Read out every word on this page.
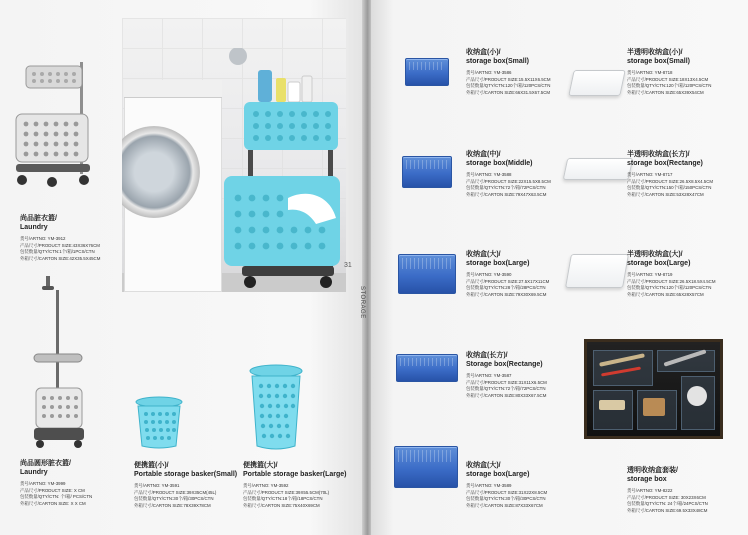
尚品脏衣篮/
Laundry
货号/ARTNO: YM-3912
产品尺寸/PRODUCT SIZE:43X36X76CM
包装数量/QTY/CTN:1个/箱/1PCS/CTN
外箱尺寸/CARTON SIZE:42X35.5X45CM
尚品圆形脏衣篮/
Laundry
货号/ARTNO: YM-3999
产品尺寸/PRODUCT SIZE: X CM
包装数量/QTY/CTN: 个/箱/ PCS/CTN
外箱尺寸/CARTON SIZE: X X CM
便携篮(小)/
Portable storage basker(Small)
货号/ARTNO: YM-3591
产品尺寸/PRODUCT SIZE:39X35CM(45L)
包装数量/QTY/CTN:30个/箱/30PCS/CTN
外箱尺寸/CARTON SIZE:78X39X78CM
便携篮(大)/
Portable storage basker(Large)
货号/ARTNO: YM-3592
产品尺寸/PRODUCT SIZE:39X55.5CM(70L)
包装数量/QTY/CTN:18个/箱/18PCS/CTN
外箱尺寸/CARTON SIZE:75X40X69CM
31
STORAGE
收纳盒(小)/
storage box(Small)
货号/ARTNO: YM-3586
产品尺寸/PRODUCT SIZE:15.5X11X6.5CM
包装数量/QTY/CTN:120个/箱/120PCS/CTN
外箱尺寸/CARTON SIZE:66X31.5X67.5CM
半透明收纳盒(小)/
storage box(Small)
货号/ARTNO: YM-8718
产品尺寸/PRODUCT SIZE:18X13X4.5CM
包装数量/QTY/CTN:120个/箱/120PCS/CTN
外箱尺寸/CARTON SIZE:65X39X54CM
收纳盒(中)/
storage box(Middle)
货号/ARTNO: YM-3588
产品尺寸/PRODUCT SIZE:22X15.5X8.5CM
包装数量/QTY/CTN:72个/箱/72PCS/CTN
外箱尺寸/CARTON SIZE:79X47X63.5CM
半透明收纳盒(长方)/
storage box(Rectange)
货号/ARTNO: YM-8717
产品尺寸/PRODUCT SIZE:26.5X8.5X4.5CM
包装数量/QTY/CTN:150个/箱/150PCS/CTN
外箱尺寸/CARTON SIZE:53X28X47CM
收纳盒(大)/
storage box(Large)
货号/ARTNO: YM-3590
产品尺寸/PRODUCT SIZE:27.5X17X11CM
包装数量/QTY/CTN:28个/箱/28PCS/CTN
外箱尺寸/CARTON SIZE:79X30X69.5CM
半透明收纳盒(大)/
storage box(Large)
货号/ARTNO: YM-8719
产品尺寸/PRODUCT SIZE:26.5X18.5X4.5CM
包装数量/QTY/CTN:120个/箱/120PCS/CTN
外箱尺寸/CARTON SIZE:65X28X57CM
收纳盒(长方)/
Storage box(Rectange)
货号/ARTNO: YM-3587
产品尺寸/PRODUCT SIZE:31X11X6.5CM
包装数量/QTY/CTN:72个/箱/72PCS/CTN
外箱尺寸/CARTON SIZE:80X33X67.5CM
收纳盒(大)/
storage box(Large)
货号/ARTNO: YM-3589
产品尺寸/PRODUCT SIZE:31X22X8.5CM
包装数量/QTY/CTN:30个/箱/30PCS/CTN
外箱尺寸/CARTON SIZE:87X33X67CM
透明收纳盒套装/
storage box
货号/ARTNO: YM-8222
产品尺寸/PRODUCT SIZE: 30X23X6CM
包装数量/QTY/CTN: 24个/箱/24PCS/CTN
外箱尺寸/CARTON SIZE:69.5X33X48CM
